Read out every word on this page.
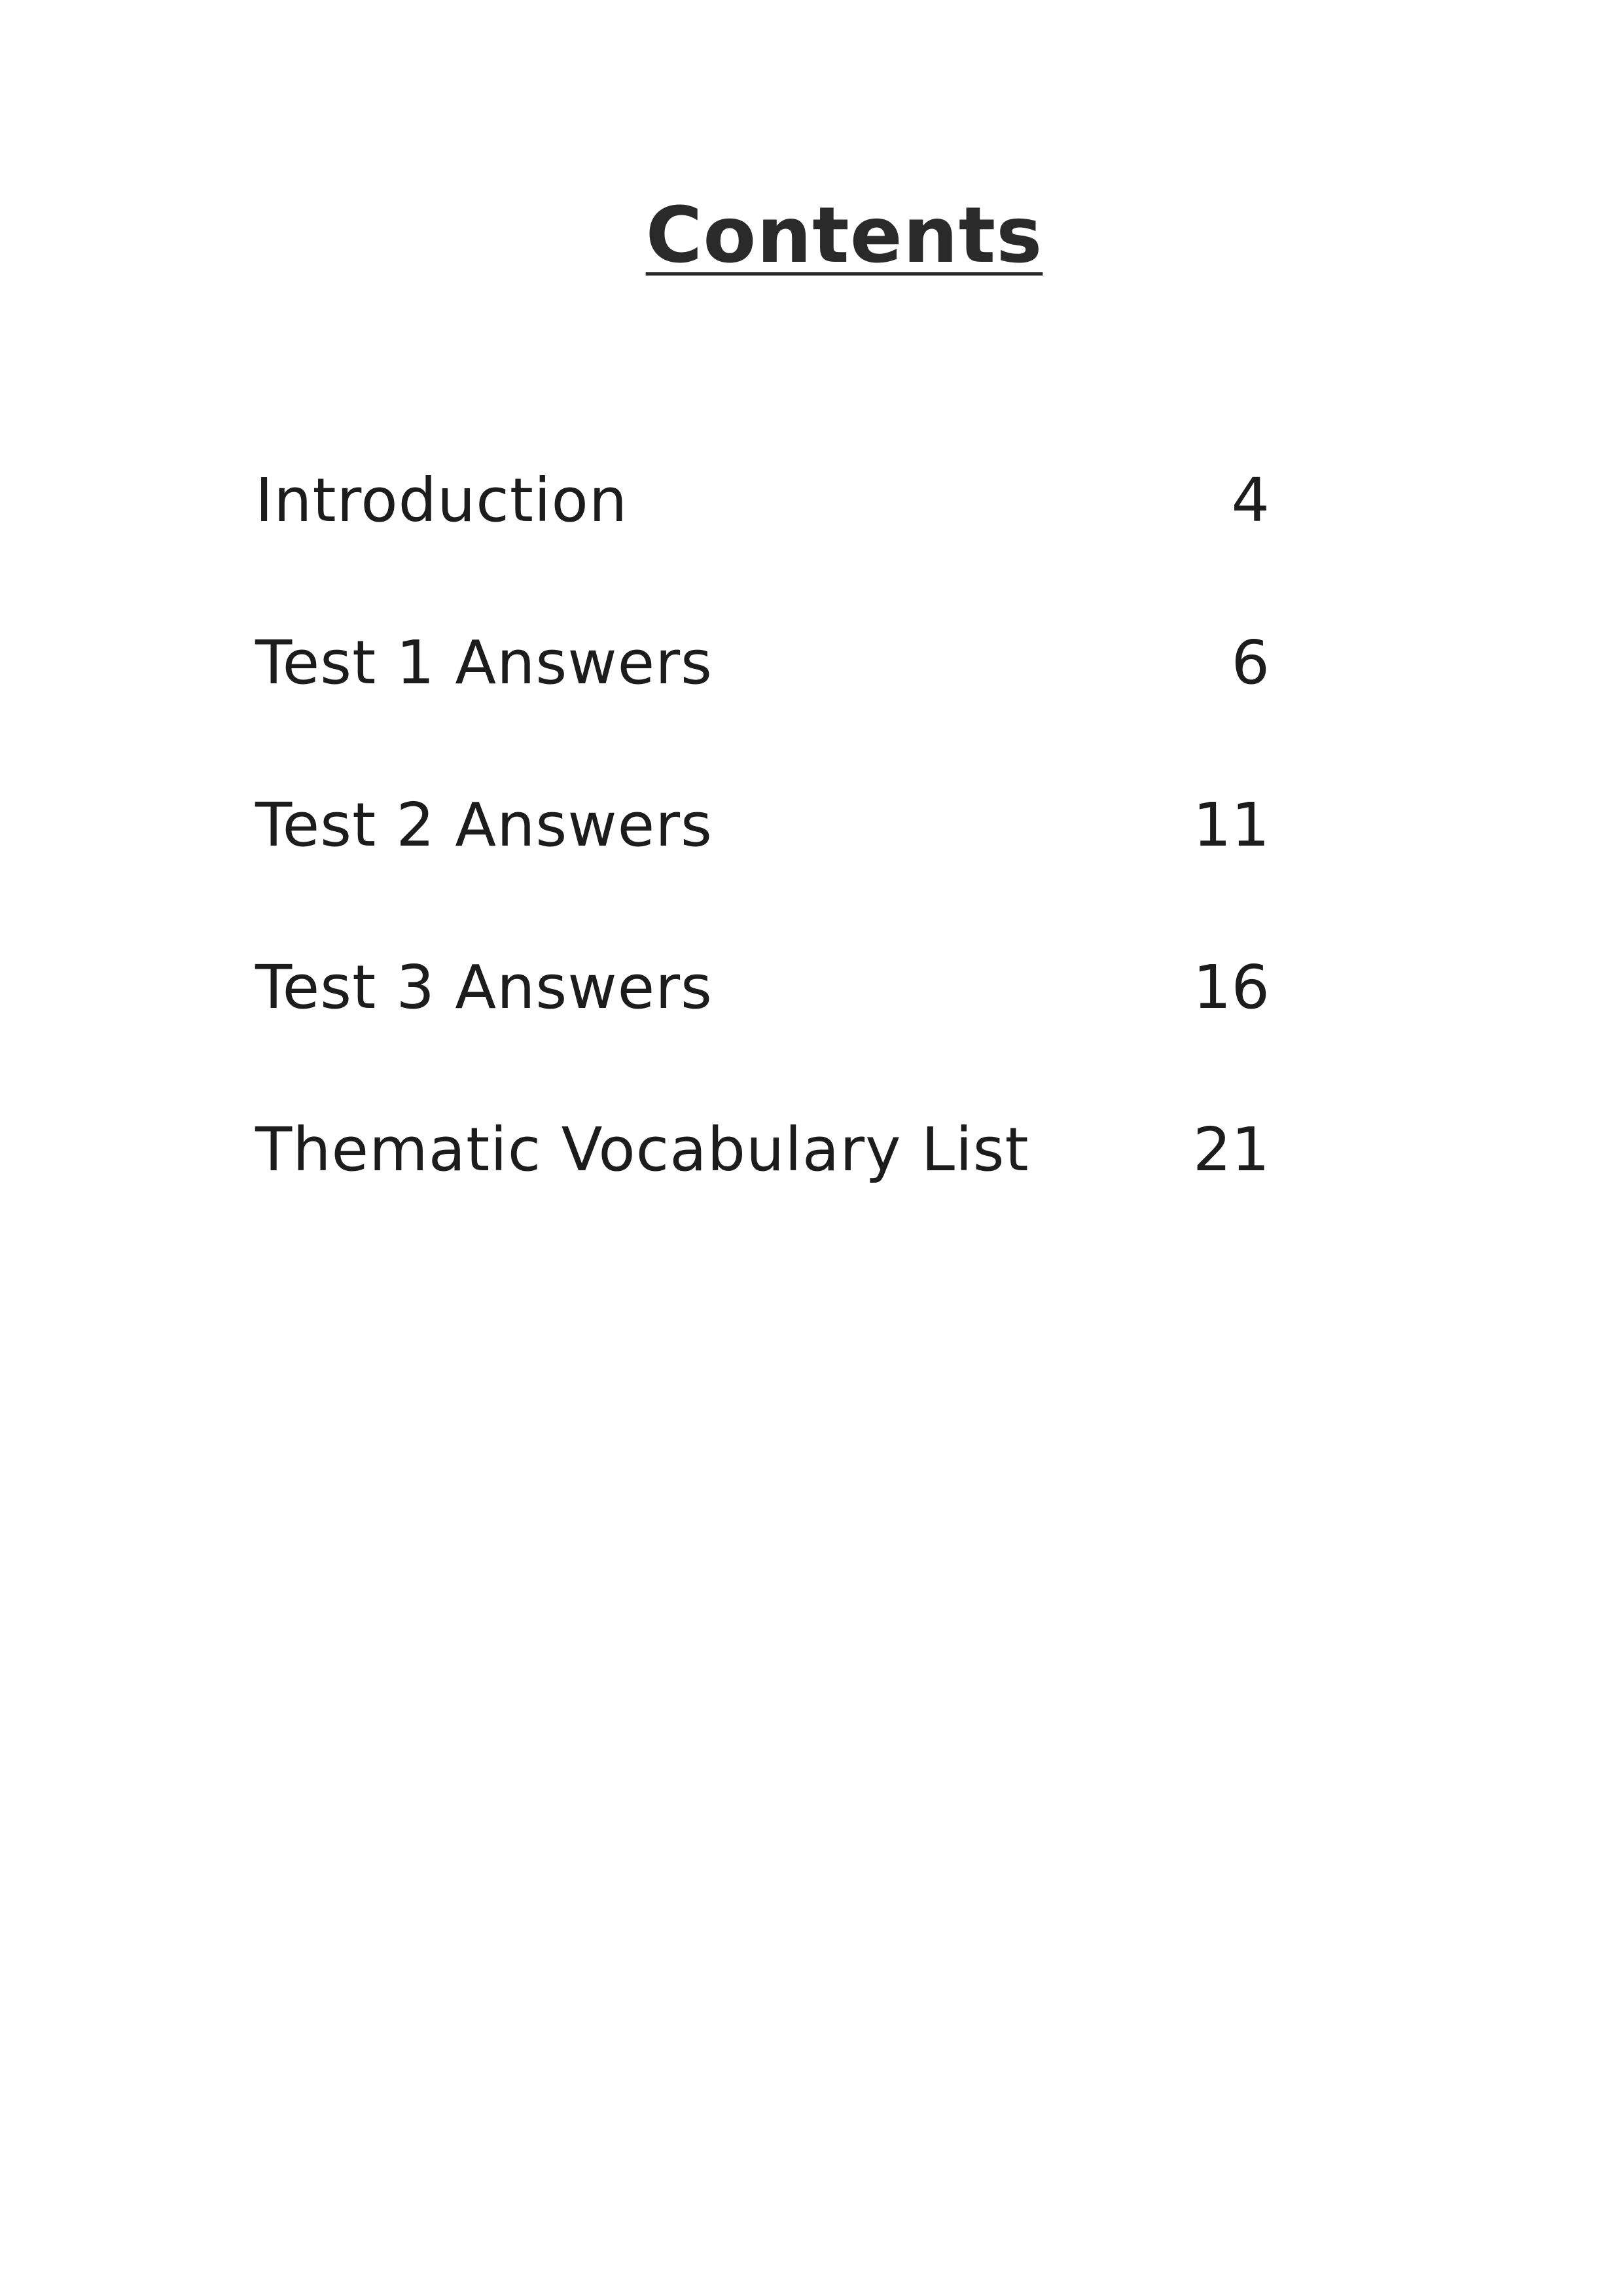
Contents
Introduction	4
Test 1 Answers	6
Test 2 Answers	11
Test 3 Answers	16
Thematic Vocabulary List	21
